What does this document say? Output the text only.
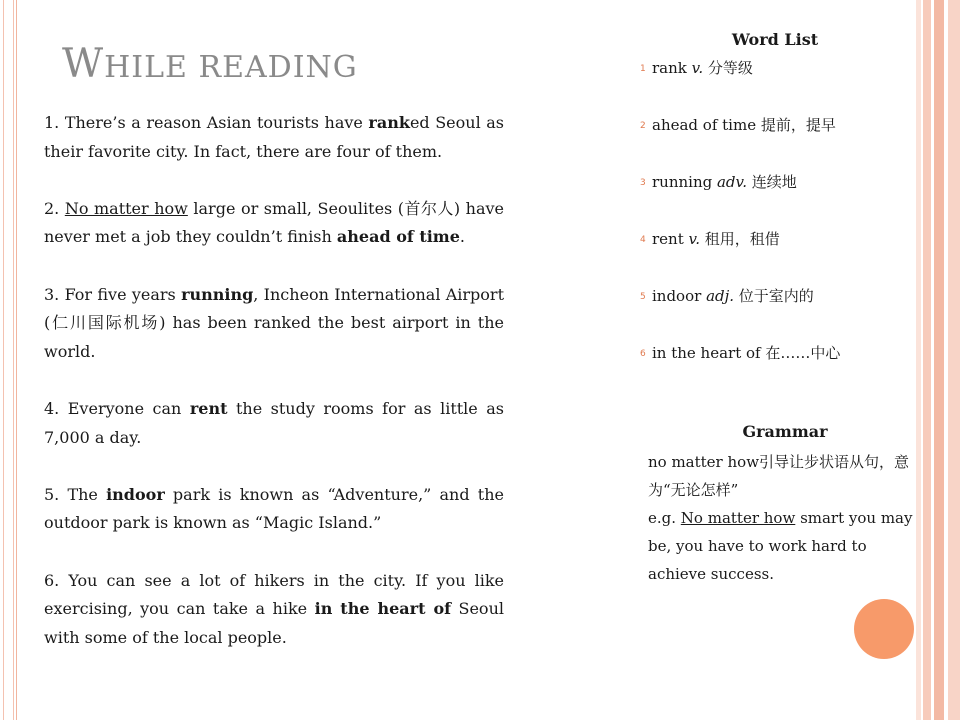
WHILE READING

1. There’s a reason Asian tourists have ranked Seoul as their favorite city. In fact, there are four of them.

2. No matter how large or small, Seoulites (首尔人) have never met a job they couldn’t finish ahead of time.

3. For five years running, Incheon International Airport (仁川国际机场) has been ranked the best airport in the world.

4. Everyone can rent the study rooms for as little as 7,000 a day.

5. The indoor park is known as “Adventure,” and the outdoor park is known as “Magic Island.”

6. You can see a lot of hikers in the city. If you like exercising, you can take a hike in the heart of Seoul with some of the local people.

Word List
1 rank v. 分等级
2 ahead of time 提前，提早
3 running adv. 连续地
4 rent v. 租用，租借
5 indoor adj. 位于室内的
6 in the heart of 在……中心
Grammar

no matter how引导让步状语从句，意为“无论怎样”

e.g. No matter how smart you may be, you have to work hard to achieve success.
